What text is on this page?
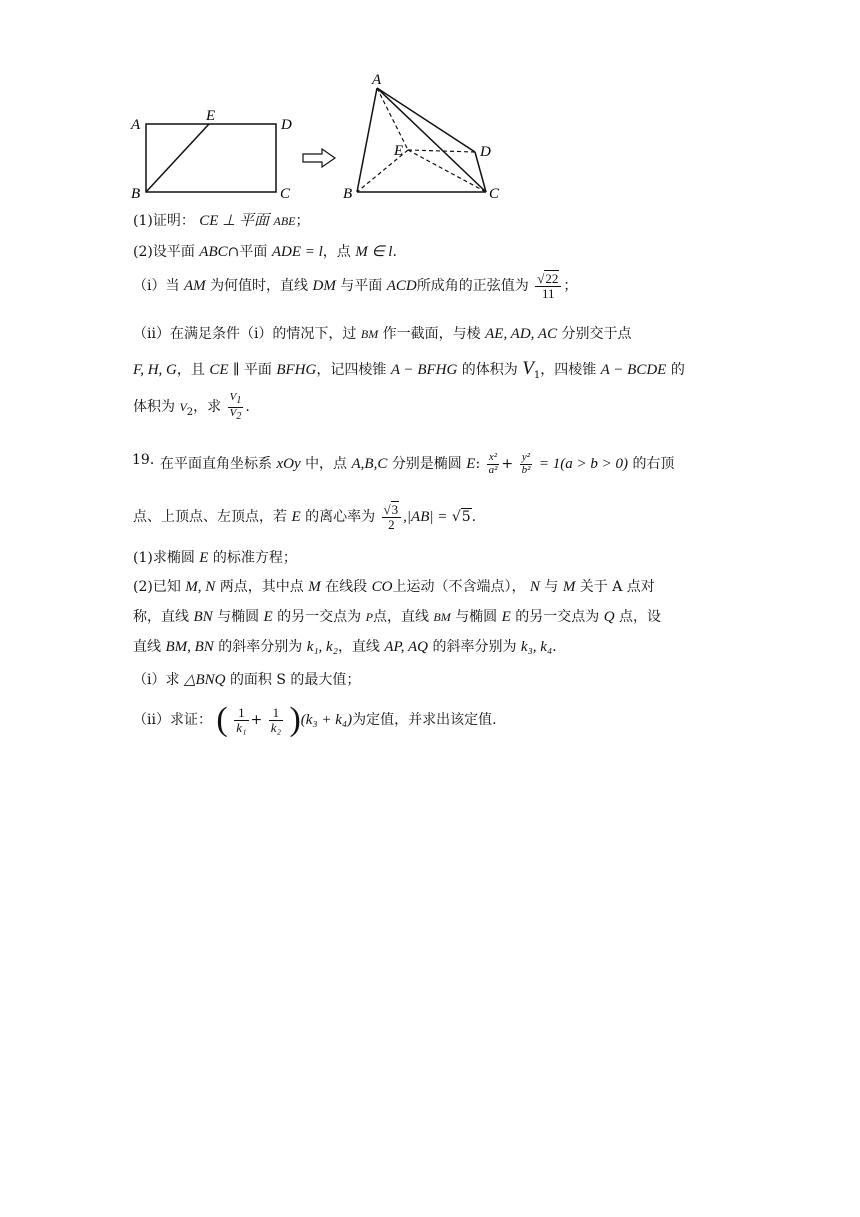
A
E
D
B	C
A
E	D
B	C
(1)证明： CE ⊥ 平面 ABE；
(2)设平面 ABC∩平面 ADE = l，点 M ∈ l.
（i）当 AM 为何值时，直线 DM 与平面 ACD所成角的正弦值为 $\frac{√22}{11}$ ；
（ii）在满足条件（i）的情况下，过 BM 作一截面，与棱 AE, AD, AC 分别交于点
F, H, G，且 CE ∥ 平面 BFHG，记四棱锥 A − BFHG 的体积为 $V_1$，四棱锥 A − BCDE 的
体积为 $V_2$，求 $\frac{V_1}{V_2}$ .
19．
在平面直角坐标系 xOy 中，点 A,B,C 分别是椭圆 E: $\frac{\text{x²}}{\text{a²}} + \frac{\text{y²}}{\text{b²}} = 1(a > b > 0)$ 的右顶
点、上顶点、左顶点，若 E 的离心率为 $\frac{√3}{2} ,|AB| = √5$.
(1)求椭圆 E 的标准方程；
(2)已知 M, N 两点，其中点 M 在线段 CO上运动（不含端点）， N 与 M 关于 A 点对
称，直线 BN 与椭圆 E 的另一交点为 P点，直线 BM 与椭圆 E 的另一交点为 Q 点，设
直线 BM, BN 的斜率分别为 k₁, k₂，直线 AP, AQ 的斜率分别为 k₃, k₄.
（i）求 △BNQ 的面积 S 的最大值；
（ii）求证： ( $\frac{1}{\text{k₁}} + \frac{1}{\text{k₂}} )(k_3 + k_4)$为定值，并求出该定值.
